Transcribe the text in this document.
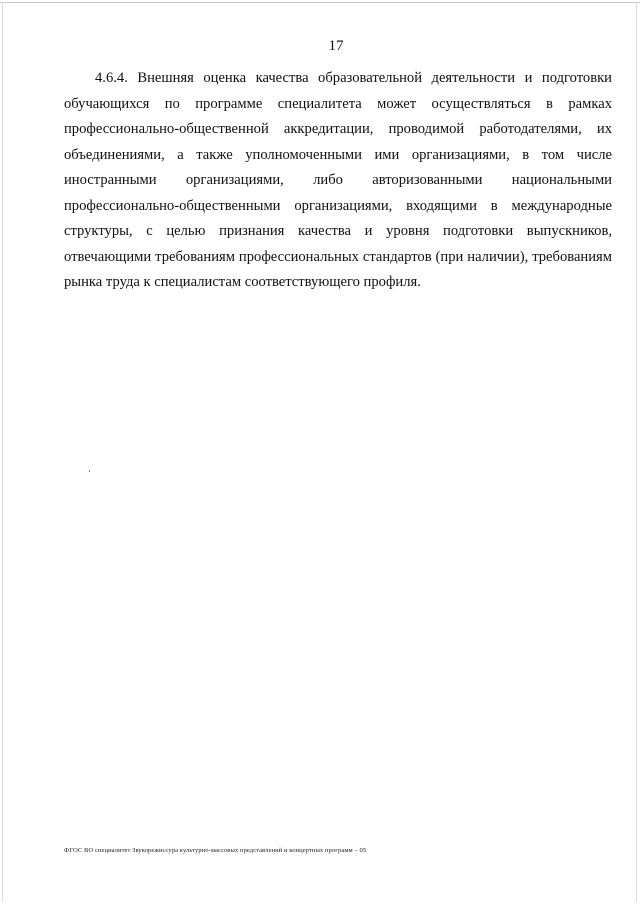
17

4.6.4. Внешняя оценка качества образовательной деятельности и подготовки обучающихся по программе специалитета может осуществляться в рамках профессионально-общественной аккредитации, проводимой работодателями, их объединениями, а также уполномоченными ими организациями, в том числе иностранными организациями, либо авторизованными национальными профессионально-общественными организациями, входящими в международные структуры, с целью признания качества и уровня подготовки выпускников, отвечающими требованиям профессиональных стандартов (при наличии), требованиям рынка труда к специалистам соответствующего профиля.

ФГОС ВО специалитет Звукорежиссура культурно-массовых представлений и концертных программ – 05
